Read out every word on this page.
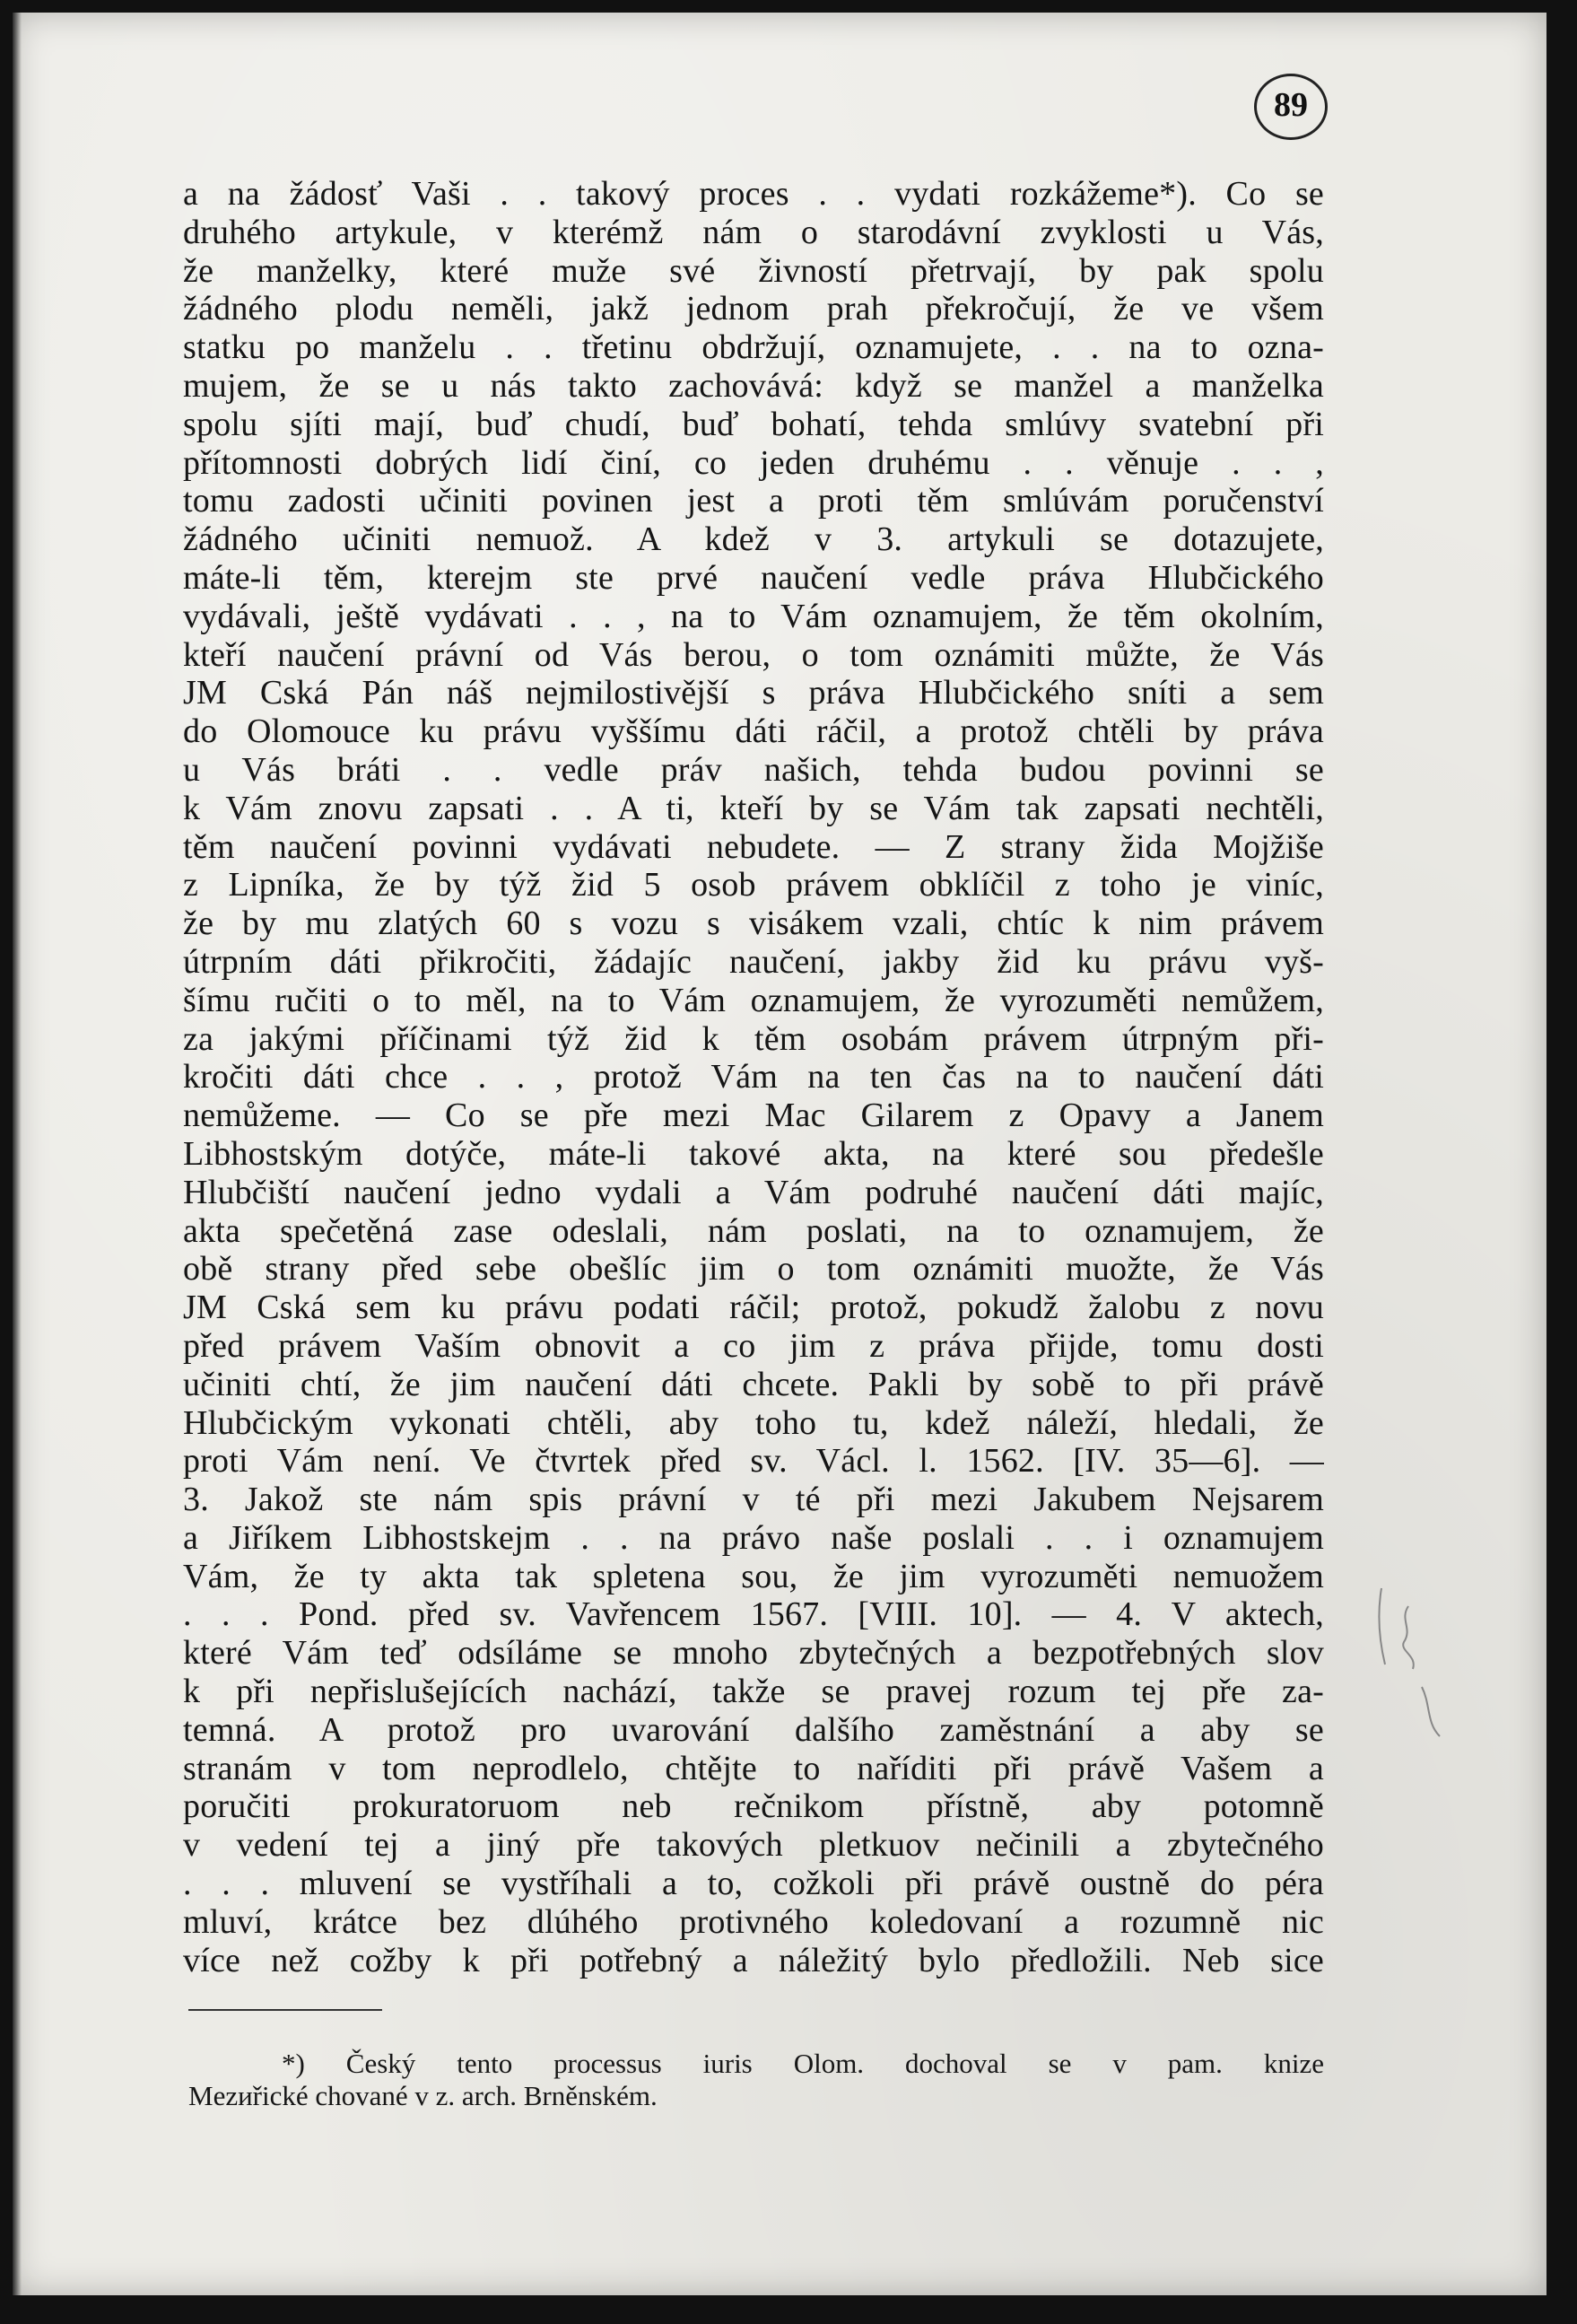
89
a na žádosť Vaši . . takový proces . . vydati rozkážeme*). Co se
druhého artykule, v kterémž nám o starodávní zvyklosti u Vás,
že manželky, které muže své živností přetrvají, by pak spolu
žádného plodu neměli, jakž jednom prah překročují, že ve všem
statku po manželu . . třetinu obdržují, oznamujete, . . na to ozna-
mujem, že se u nás takto zachovává: když se manžel a manželka
spolu sjíti mají, buď chudí, buď bohatí, tehda smlúvy svatební při
přítomnosti dobrých lidí činí, co jeden druhému . . věnuje . . ,
tomu zadosti učiniti povinen jest a proti těm smlúvám poručenství
žádného učiniti nemuož. A kdež v 3. artykuli se dotazujete,
máte-li těm, kterejm ste prvé naučení vedle práva Hlubčického
vydávali, ještě vydávati . . , na to Vám oznamujem, že těm okolním,
kteří naučení právní od Vás berou, o tom oznámiti můžte, že Vás
JM Cská Pán náš nejmilostivější s práva Hlubčického sníti a sem
do Olomouce ku právu vyššímu dáti ráčil, a protož chtěli by práva
u Vás bráti . . vedle práv našich, tehda budou povinni se
k Vám znovu zapsati . . A ti, kteří by se Vám tak zapsati nechtěli,
těm naučení povinni vydávati nebudete. — Z strany žida Mojžiše
z Lipníka, že by týž žid 5 osob právem obklíčil z toho je viníc,
že by mu zlatých 60 s vozu s visákem vzali, chtíc k nim právem
útrpním dáti přikročiti, žádajíc naučení, jakby žid ku právu vyš-
šímu ručiti o to měl, na to Vám oznamujem, že vyrozuměti nemůžem,
za jakými příčinami týž žid k těm osobám právem útrpným při-
kročiti dáti chce . . , protož Vám na ten čas na to naučení dáti
nemůžeme. — Co se pře mezi Mac Gilarem z Opavy a Janem
Libhostským dotýče, máte-li takové akta, na které sou předešle
Hlubčiští naučení jedno vydali a Vám podruhé naučení dáti majíc,
akta spečetěná zase odeslali, nám poslati, na to oznamujem, že
obě strany před sebe obešlíc jim o tom oznámiti muožte, že Vás
JM Cská sem ku právu podati ráčil; protož, pokudž žalobu z novu
před právem Vaším obnovit a co jim z práva přijde, tomu dosti
učiniti chtí, že jim naučení dáti chcete. Pakli by sobě to při právě
Hlubčickým vykonati chtěli, aby toho tu, kdež náleží, hledali, že
proti Vám není. Ve čtvrtek před sv. Václ. l. 1562. [IV. 35—6]. —
3. Jakož ste nám spis právní v té při mezi Jakubem Nejsarem
a Jiříkem Libhostskejm . . na právo naše poslali . . i oznamujem
Vám, že ty akta tak spletena sou, že jim vyrozuměti nemuožem
. . . Pond. před sv. Vavřencem 1567. [VIII. 10]. — 4. V aktech,
které Vám teď odsíláme se mnoho zbytečných a bezpotřebných slov
k při nepřislušejících nachází, takže se pravej rozum tej pře za-
temná. A protož pro uvarování dalšího zaměstnání a aby se
stranám v tom neprodlelo, chtějte to naříditi při právě Vašem a
poručiti prokuratoruom neb rečnikom přístně, aby potomně
v vedení tej a jiný pře takových pletkuov nečinili a zbytečného
. . . mluvení se vystříhali a to, cožkoli při právě oustně do péra
mluví, krátce bez dlúhého protivného koledovaní a rozumně nic
více než cožby k při potřebný a náležitý bylo předložili. Neb sice
*) Český tento processus iuris Olom. dochoval se v pam. knize
Mezиřické chované v z. arch. Brněnském.
